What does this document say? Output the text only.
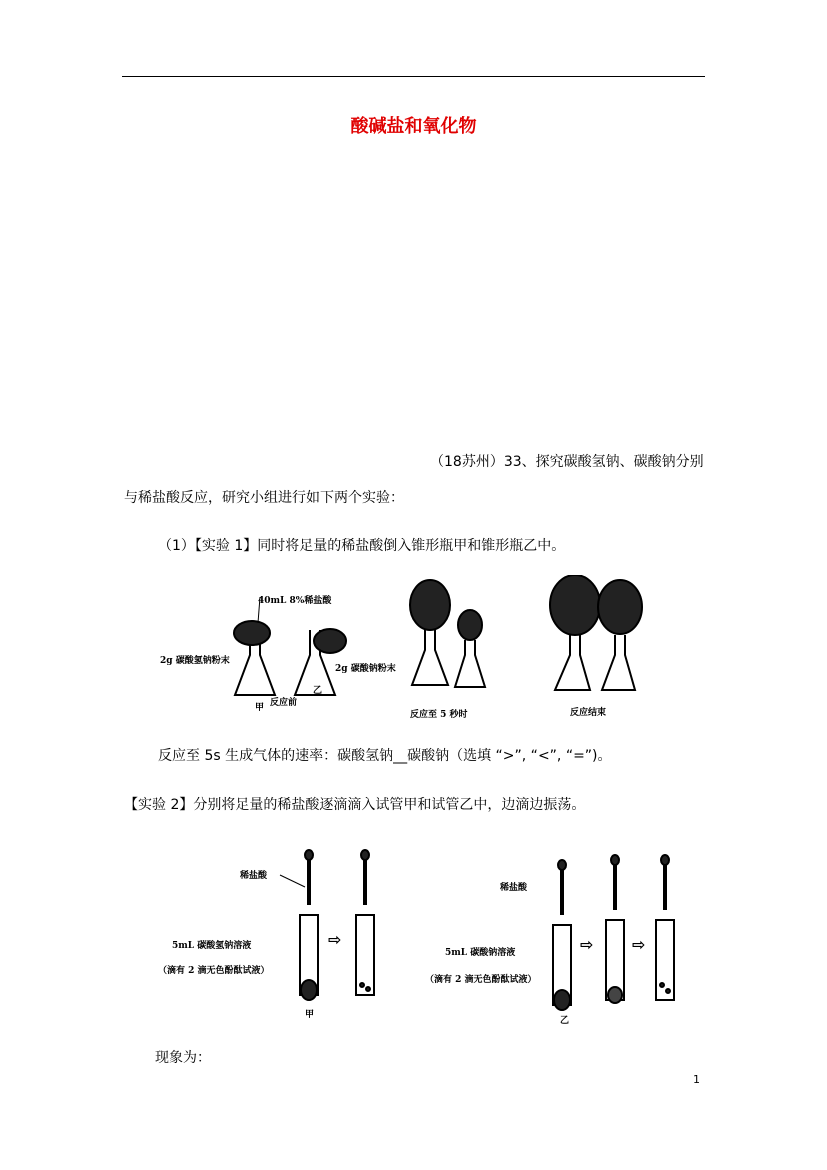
酸碱盐和氧化物
（18苏州）33、探究碳酸氢钠、碳酸钠分别
与稀盐酸反应，研究小组进行如下两个实验：
（1）【实验 1】同时将足量的稀盐酸倒入锥形瓶甲和锥形瓶乙中。
40mL 8%稀盐酸
2g 碳酸氢钠粉末
2g 碳酸钠粉末
甲
乙
反应前
反应至 5 秒时	反应结束
反应至 5s 生成气体的速率：碳酸氢钠__碳酸钠（选填 “>”, “<”, “=”)。
【实验 2】分别将足量的稀盐酸逐滴滴入试管甲和试管乙中，边滴边振荡。
稀盐酸
5mL 碳酸氢钠溶液
（滴有 2 滴无色酚酞试液）
甲
⇨
稀盐酸
5mL 碳酸钠溶液
（滴有 2 滴无色酚酞试液）
乙
⇨ ⇨
现象为：
1
